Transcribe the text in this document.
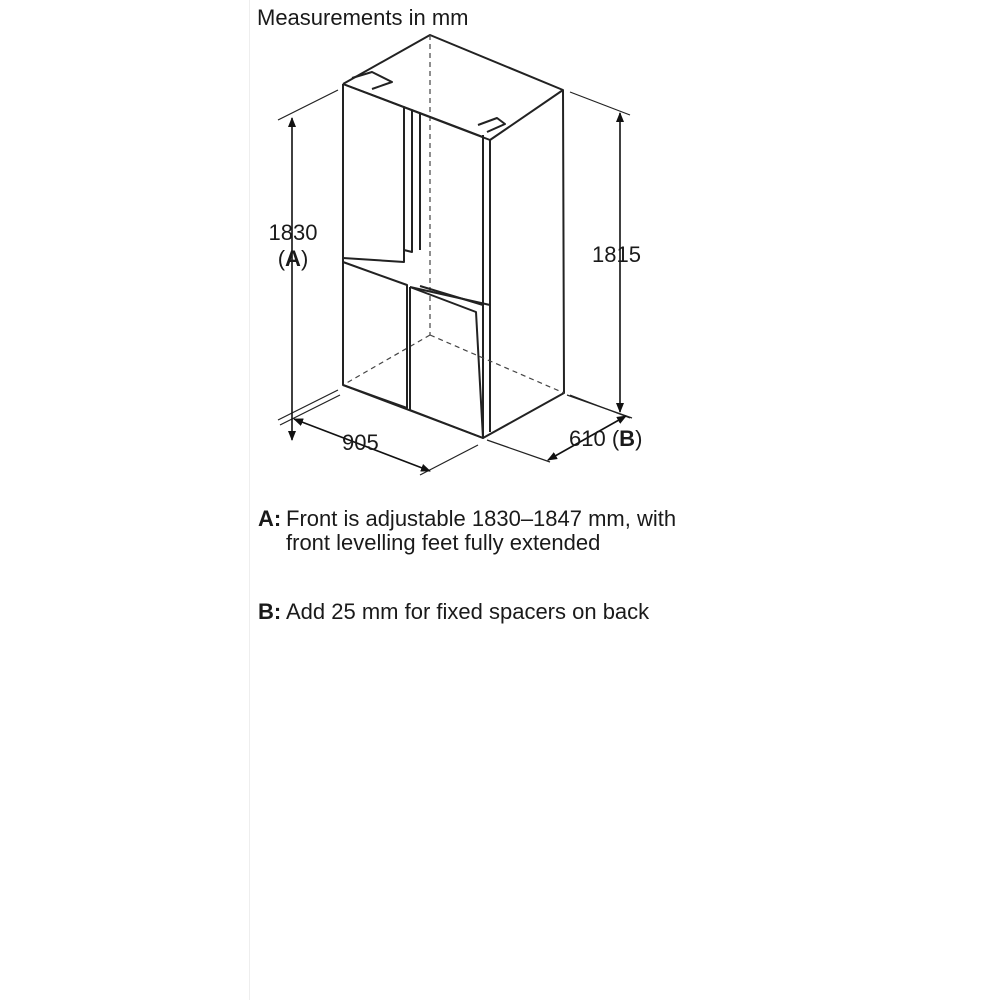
Measurements in mm
1830
(A)	1815
905	610 (B)
A: Front is adjustable 1830–1847 mm, with front levelling feet fully extended
B: Add 25 mm for fixed spacers on back
